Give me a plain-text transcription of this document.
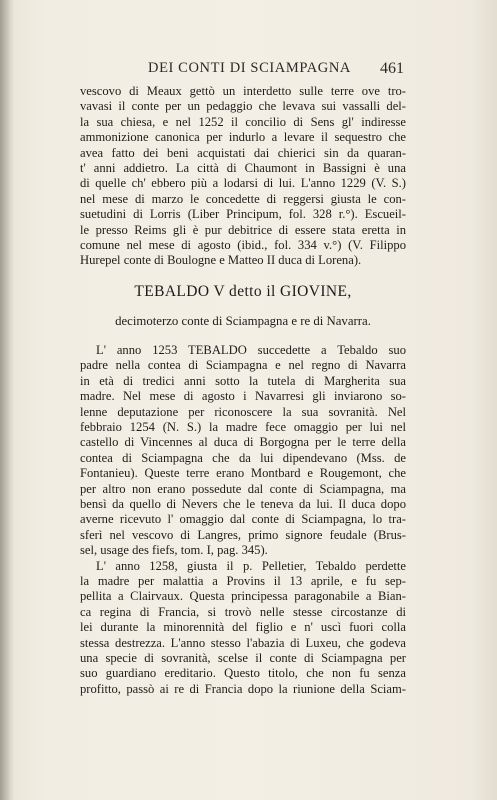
DEI CONTI DI SCIAMPAGNA 461

vescovo di Meaux gettò un interdetto sulle terre ove tro-
vavasi il conte per un pedaggio che levava sui vassalli del-
la sua chiesa, e nel 1252 il concilio di Sens gl' indiresse
ammonizione canonica per indurlo a levare il sequestro che
avea fatto dei beni acquistati dai chierici sin da quaran-
t' anni addietro. La città di Chaumont in Bassigni è una
di quelle ch' ebbero più a lodarsi di lui. L'anno 1229 (V. S.)
nel mese di marzo le concedette di reggersi giusta le con-
suetudini di Lorris (Liber Principum, fol. 328 r.°). Escueil-
le presso Reims gli è pur debitrice di essere stata eretta in
comune nel mese di agosto (ibid., fol. 334 v.°) (V. Filippo
Hurepel conte di Boulogne e Matteo II duca di Lorena).

TEBALDO V detto il GIOVINE,
decimoterzo conte di Sciampagna e re di Navarra.

L' anno 1253 TEBALDO succedette a Tebaldo suo
padre nella contea di Sciampagna e nel regno di Navarra
in età di tredici anni sotto la tutela di Margherita sua
madre. Nel mese di agosto i Navarresi gli inviarono so-
lenne deputazione per riconoscere la sua sovranità. Nel
febbraio 1254 (N. S.) la madre fece omaggio per lui nel
castello di Vincennes al duca di Borgogna per le terre della
contea di Sciampagna che da lui dipendevano (Mss. de
Fontanieu). Queste terre erano Montbard e Rougemont, che
per altro non erano possedute dal conte di Sciampagna, ma
bensì da quello di Nevers che le teneva da lui. Il duca dopo
averne ricevuto l' omaggio dal conte di Sciampagna, lo tra-
sferì nel vescovo di Langres, primo signore feudale (Brus-
sel, usage des fiefs, tom. I, pag. 345).

L' anno 1258, giusta il p. Pelletier, Tebaldo perdette
la madre per malattia a Provins il 13 aprile, e fu sep-
pellita a Clairvaux. Questa principessa paragonabile a Bian-
ca regina di Francia, si trovò nelle stesse circostanze di
lei durante la minorennità del figlio e n' uscì fuori colla
stessa destrezza. L'anno stesso l'abazia di Luxeu, che godeva
una specie di sovranità, scelse il conte di Sciampagna per
suo guardiano ereditario. Questo titolo, che non fu senza
profitto, passò ai re di Francia dopo la riunione della Sciam-
